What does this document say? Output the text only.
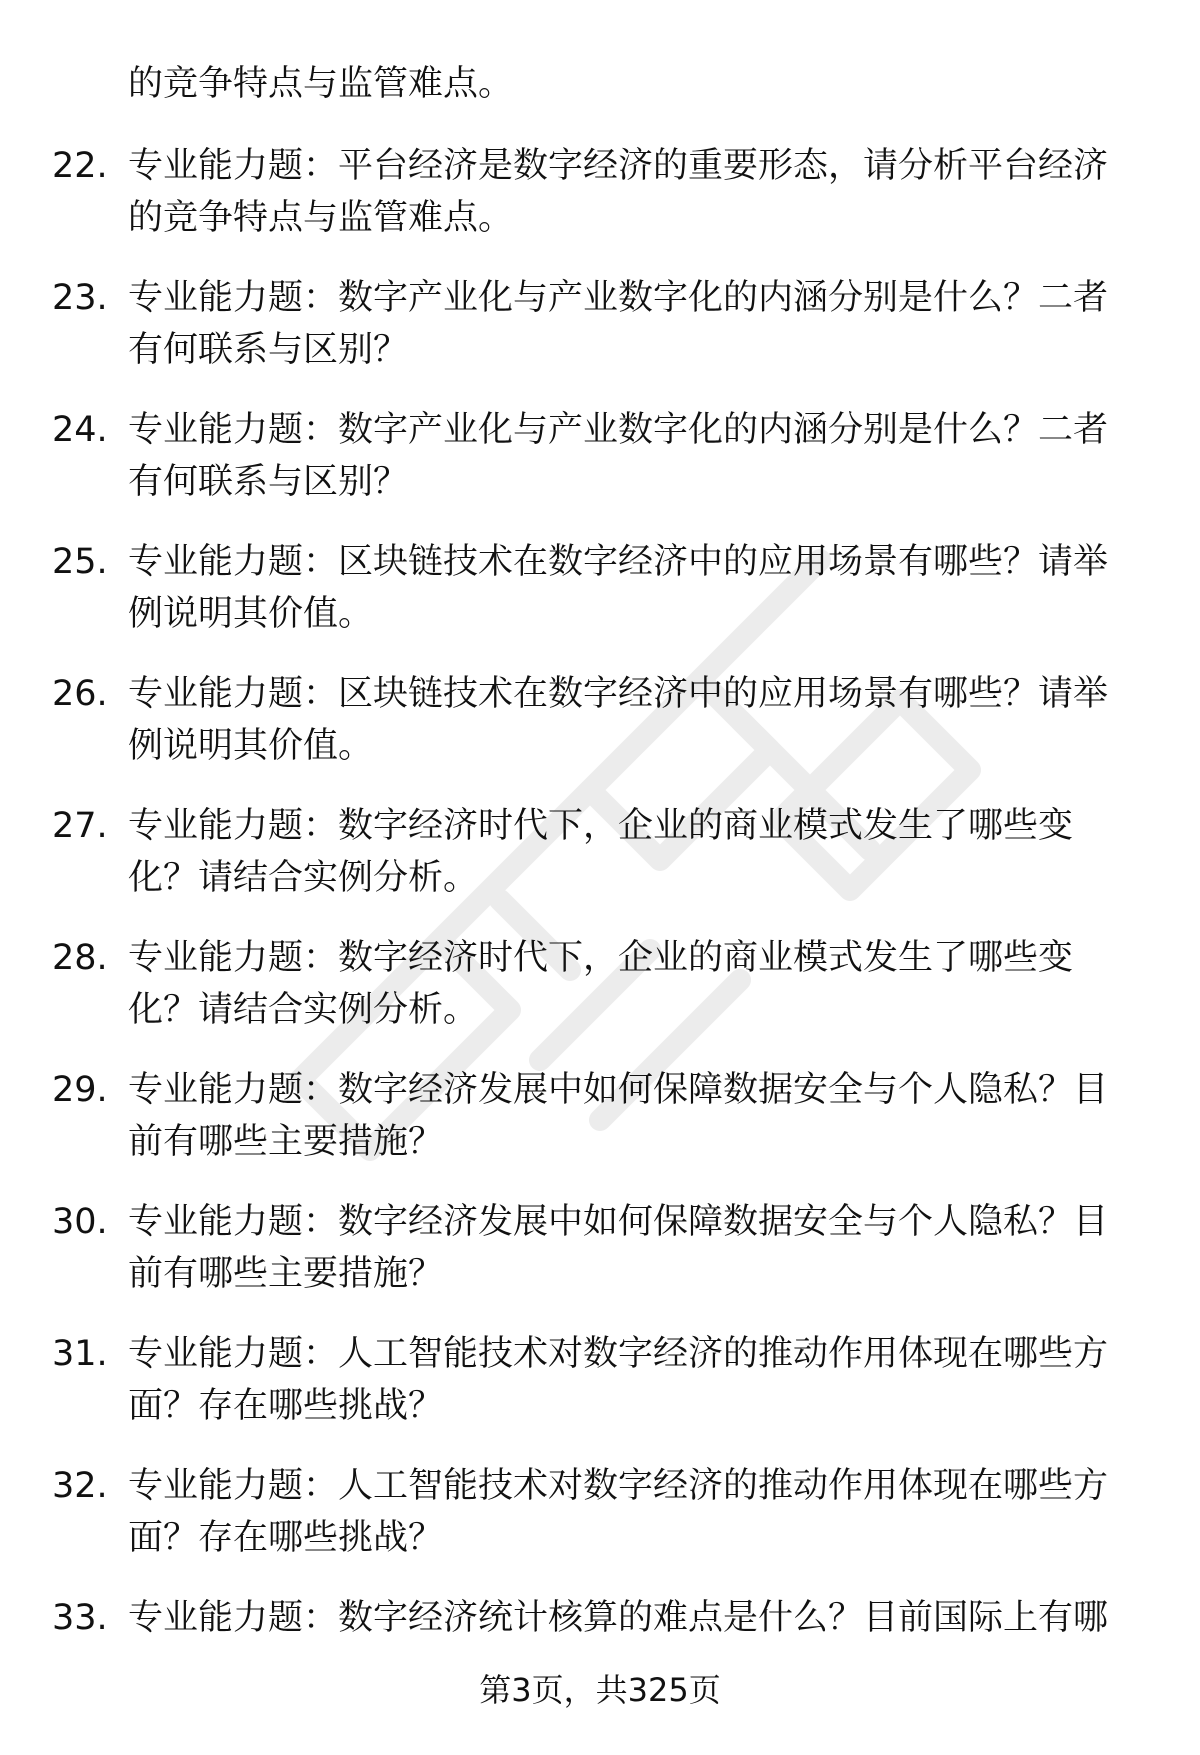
的竞争特点与监管难点。
22. 专业能力题：平台经济是数字经济的重要形态，请分析平台经济的竞争特点与监管难点。
23. 专业能力题：数字产业化与产业数字化的内涵分别是什么？二者有何联系与区别？
24. 专业能力题：数字产业化与产业数字化的内涵分别是什么？二者有何联系与区别？
25. 专业能力题：区块链技术在数字经济中的应用场景有哪些？请举例说明其价值。
26. 专业能力题：区块链技术在数字经济中的应用场景有哪些？请举例说明其价值。
27. 专业能力题：数字经济时代下，企业的商业模式发生了哪些变化？请结合实例分析。
28. 专业能力题：数字经济时代下，企业的商业模式发生了哪些变化？请结合实例分析。
29. 专业能力题：数字经济发展中如何保障数据安全与个人隐私？目前有哪些主要措施？
30. 专业能力题：数字经济发展中如何保障数据安全与个人隐私？目前有哪些主要措施？
31. 专业能力题：人工智能技术对数字经济的推动作用体现在哪些方面？存在哪些挑战？
32. 专业能力题：人工智能技术对数字经济的推动作用体现在哪些方面？存在哪些挑战？
33. 专业能力题：数字经济统计核算的难点是什么？目前国际上有哪
第3页，共325页
